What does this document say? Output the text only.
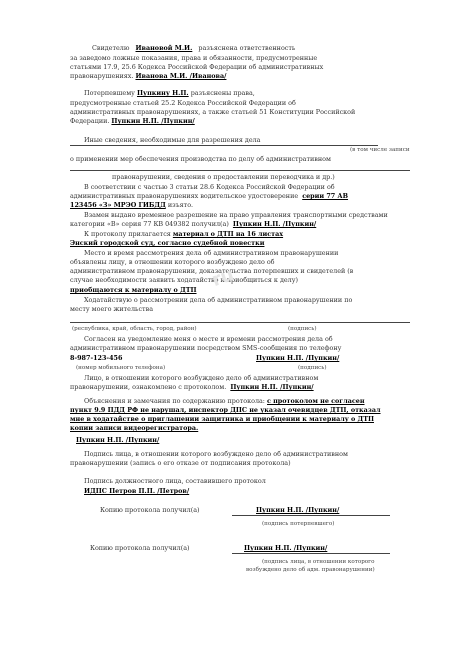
Свидетелю Ивановой М.И. разъяснена ответственность
за заведомо ложные показания, права и обязанности, предусмотренные
статьями 17.9, 25.6 Кодекса Российской Федерации об административных
правонарушениях. Иванова М.И. /Иванова/
Потерпевшему Пупкину Н.П. разъяснены права,
предусмотренные статьей 25.2 Кодекса Российской Федерации об
административных правонарушениях, а также статьей 51 Конституции Российской
Федерации. Пупкин Н.П. /Пупкин/
Иные сведения, необходимые для разрешения дела
(в том числе записи
о применении мер обеспечения производства по делу об административном
правонарушении, сведения о предоставлении переводчика и др.)
В соответствии с частью 3 статьи 28.6 Кодекса Российской Федерации об
административных правонарушениях водительское удостоверение серии 77 АВ
123456 «З» МРЭО ГИБДД изъято.
Взамен выдано временное разрешение на право управления транспортными средствами
категории «В» серия 77 КВ 049382 получил(а) Пупкин Н.П. /Пупкин/
К протоколу прилагается материал о ДТП на 16 листах
Энский городской суд, согласно судебной повестки
Место и время рассмотрения дела об административном правонарушении
объявлены лицу, в отношении которого возбуждено дело об
административном правонарушении, доказательства потерпевших и свидетелей (в
случае необходимости заявить ходатайство и приобщиться к делу)
приобщаются к материалу о ДТП
Ходатайствую о рассмотрении дела об административном правонарушении по
месту моего жительства
(республика, край, область, город, район)	(подпись)
ru
Согласен на уведомление меня о месте и времени рассмотрения дела об
административном правонарушении посредством SMS-сообщения по телефону
8-987-123-456	Пупкин Н.П. /Пупкин/
(номер мобильного телефона)	(подпись)
Лицо, в отношении которого возбуждено дело об административном
правонарушении, ознакомлено с протоколом. Пупкин Н.П. /Пупкин/
Объяснения и замечания по содержанию протокола: с протоколом не согласен
пункт 9.9 ПДД РФ не нарушал, инспектор ДПС не указал очевидцев ДТП, отказал
мне в ходатайстве о приглашении защитника и приобщении к материалу о ДТП
копии записи видеорегистратора.
Пупкин Н.П. /Пупкин/
Подпись лица, в отношении которого возбуждено дело об административном
правонарушении (запись о его отказе от подписания протокола)
Подпись должностного лица, составившего протокол
ИДПС Петров П.П. /Петров/
Копию протокола получил(а)	Пупкин Н.П. /Пупкин/
(подпись потерпевшего)
Копию протокола получил(а)	Пупкин Н.П. /Пупкин/
(подпись лица, в отношении которого
возбуждено дело об адм. правонарушении)
